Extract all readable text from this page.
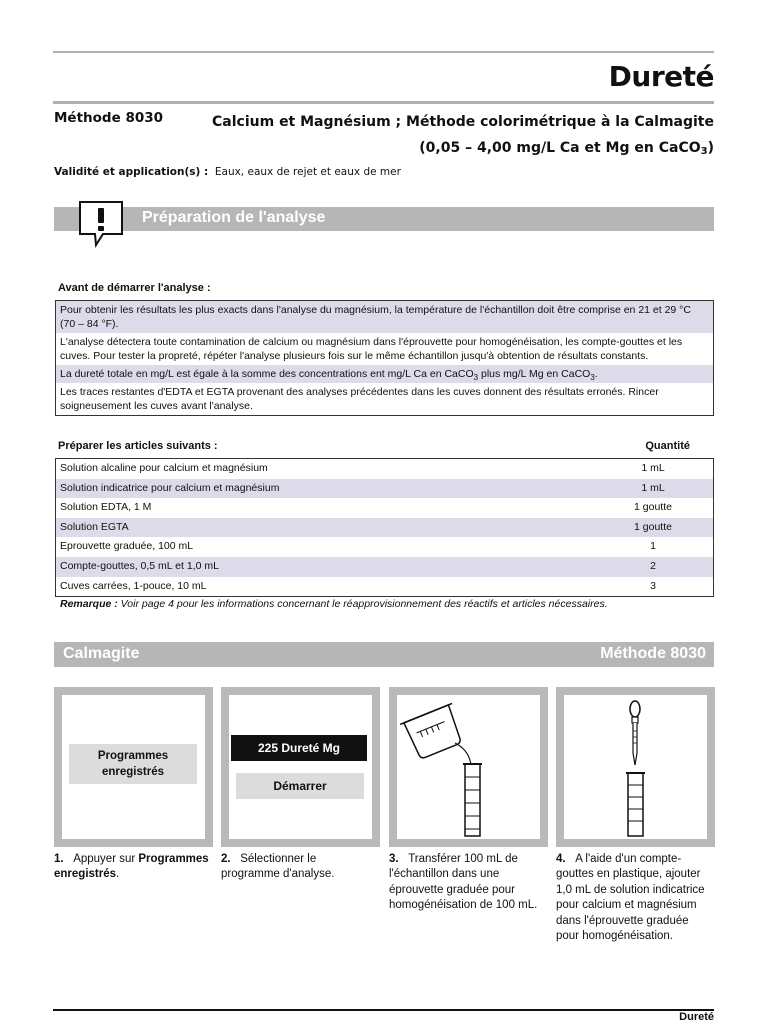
Dureté
Méthode 8030	Calcium et Magnésium ; Méthode colorimétrique à la Calmagite
(0,05 – 4,00 mg/L Ca et Mg en CaCO$_3$)
Validité et application(s) : Eaux, eaux de rejet et eaux de mer
Préparation de l'analyse
Avant de démarrer l'analyse :
Pour obtenir les résultats les plus exacts dans l'analyse du magnésium, la température de l'échantillon doit être comprise en 21 et 29 °C (70 – 84 °F).
L'analyse détectera toute contamination de calcium ou magnésium dans l'éprouvette pour homogénéisation, les compte-gouttes et les cuves. Pour tester la propreté, répéter l'analyse plusieurs fois sur le même échantillon jusqu'à obtention de résultats constants.
La dureté totale en mg/L est égale à la somme des concentrations ent mg/L Ca en CaCO$_3$ plus mg/L Mg en CaCO$_3$.
Les traces restantes d'EDTA et EGTA provenant des analyses précédentes dans les cuves donnent des résultats erronés. Rincer soigneusement les cuves avant l'analyse.
Préparer les articles suivants :	Quantité
Solution alcaline pour calcium et magnésium	1 mL
Solution indicatrice pour calcium et magnésium	1 mL
Solution EDTA, 1 M	1 goutte
Solution EGTA	1 goutte
Eprouvette graduée, 100 mL	1
Compte-gouttes, 0,5 mL et 1,0 mL	2
Cuves carrées, 1-pouce, 10 mL	3
Remarque : Voir page 4 pour les informations concernant le réapprovisionnement des réactifs et articles nécessaires.
Calmagite	Méthode 8030
Programmes enregistrés
225 Dureté Mg
Démarrer
1. Appuyer sur Programmes enregistrés.
2. Sélectionner le programme d'analyse.
3. Transférer 100 mL de l'échantillon dans une éprouvette graduée pour homogénéisation de 100 mL.
4. A l'aide d'un compte-gouttes en plastique, ajouter 1,0 mL de solution indicatrice pour calcium et magnésium dans l'éprouvette graduée pour homogénéisation.
Dureté
